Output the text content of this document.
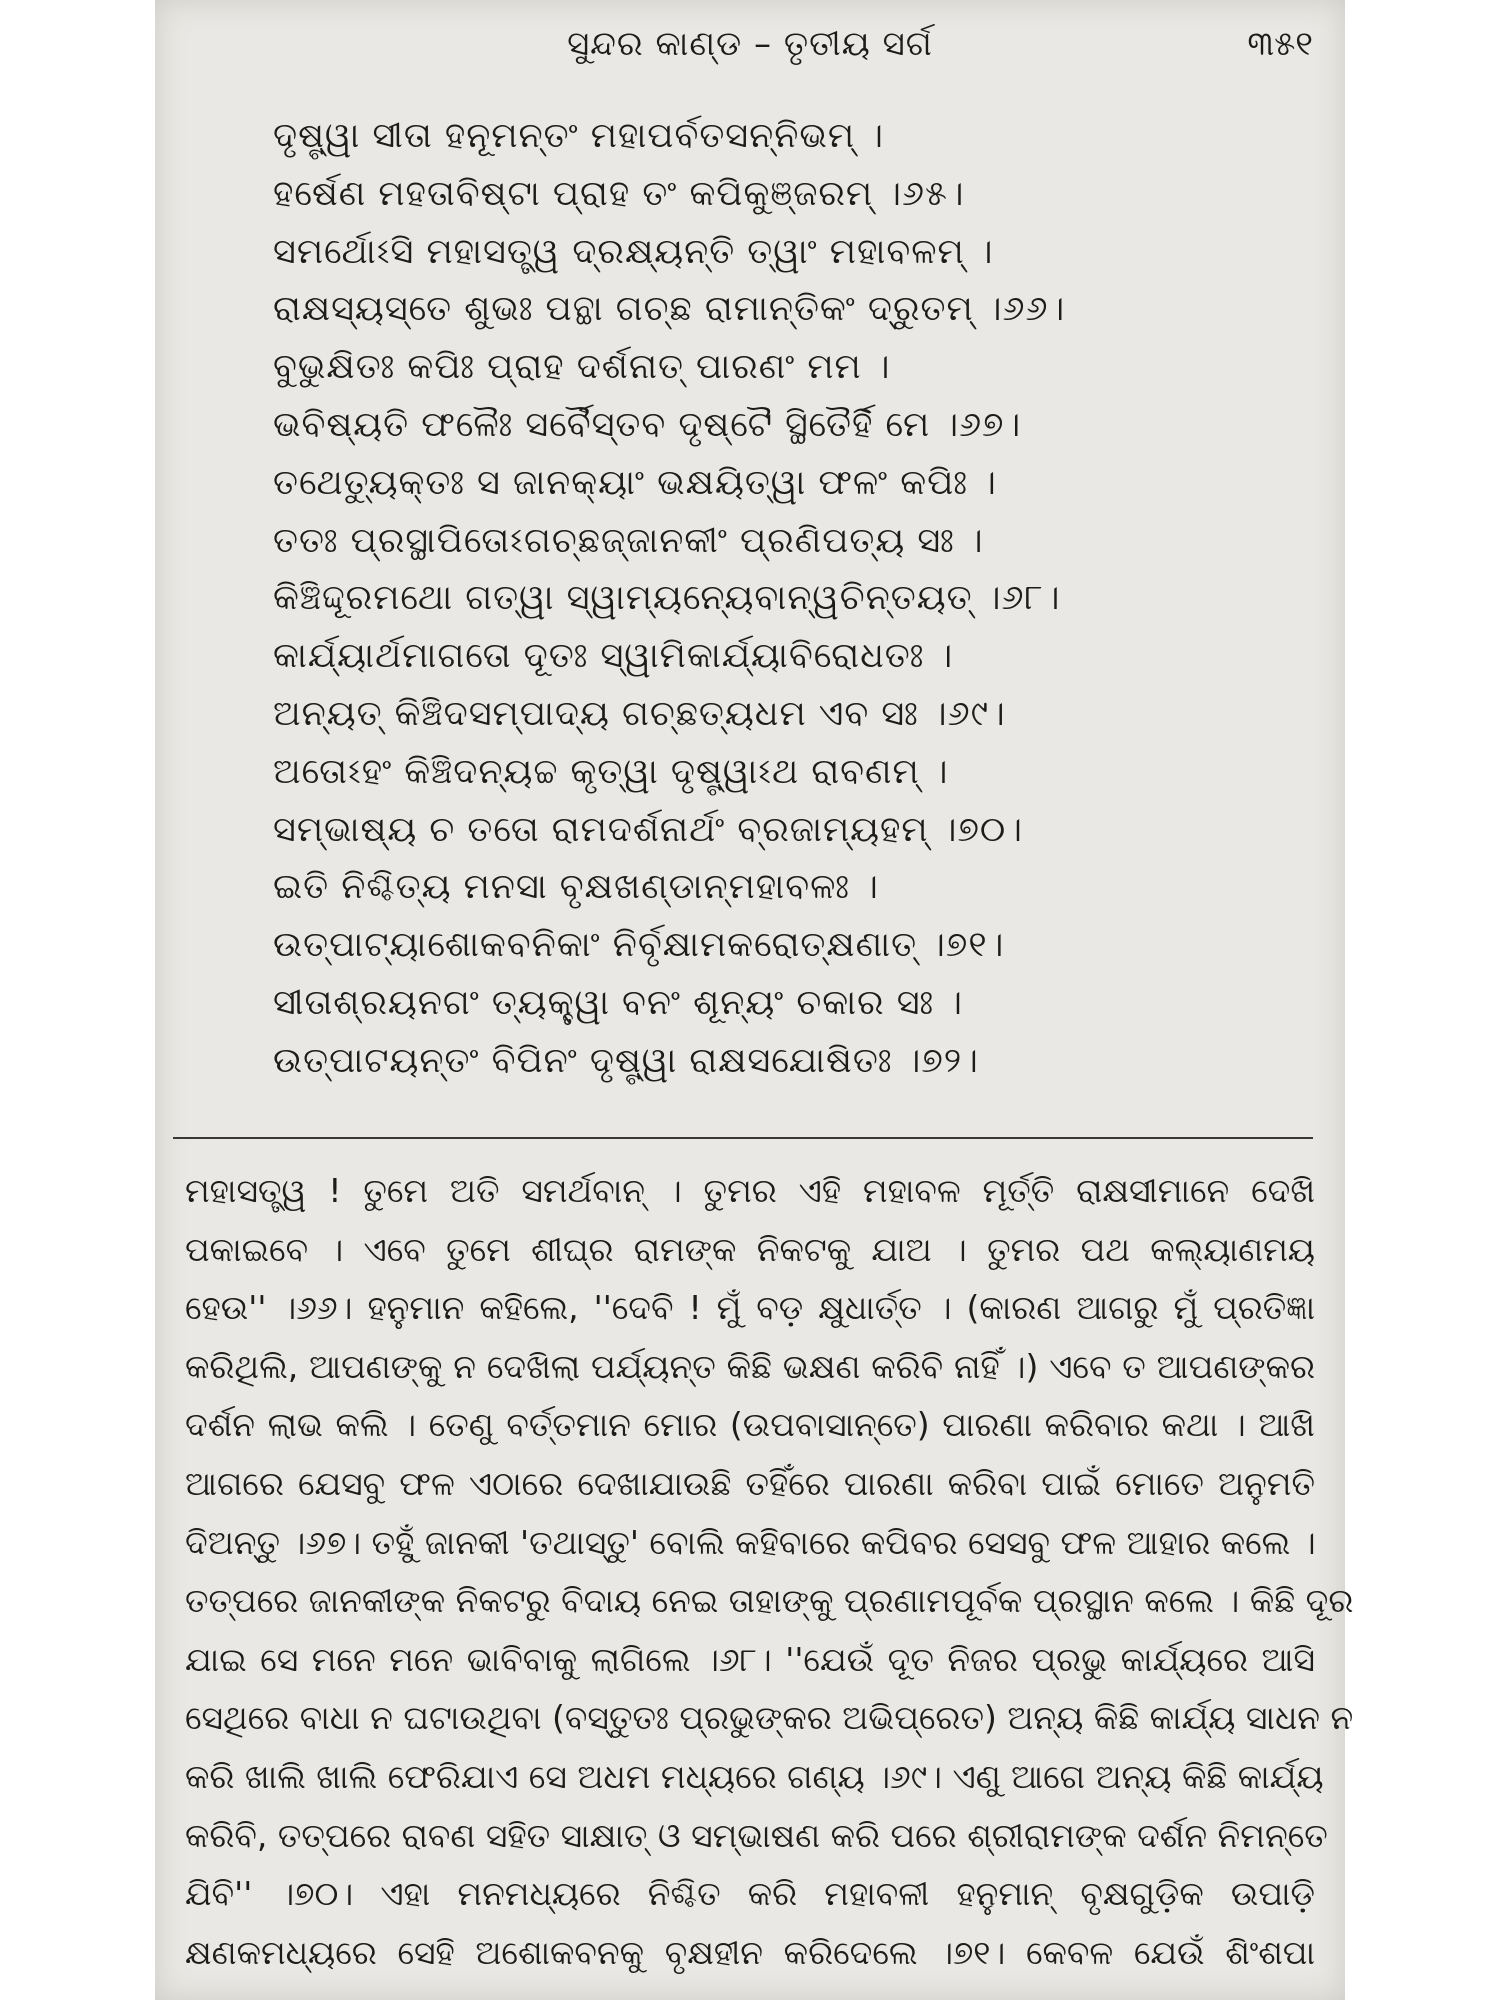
ସୁନ୍ଦର କାଣ୍ଡ – ତୃତୀୟ ସର୍ଗ	୩୫୧
ଦୃଷ୍ଟ୍ୱା ସୀତା ହନୂମନ୍ତଂ ମହାପର୍ବତସନ୍ନିଭମ୍ ।
ହର୍ଷେଣ ମହତାବିଷ୍ଟା ପ୍ରାହ ତଂ କପିକୁଞ୍ଜରମ୍ ।୬୫।
ସମର୍ଥୋଽସି ମହାସତ୍ତ୍ୱ ଦ୍ରକ୍ଷ୍ୟନ୍ତି ତ୍ୱାଂ ମହାବଳମ୍ ।
ରାକ୍ଷସ୍ୟସ୍ତେ ଶୁଭଃ ପନ୍ଥା ଗଚ୍ଛ ରାମାନ୍ତିକଂ ଦ୍ରୁତମ୍ ।୬୬।
ବୁଭୁକ୍ଷିତଃ କପିଃ ପ୍ରାହ ଦର୍ଶନାତ୍ ପାରଣଂ ମମ ।
ଭବିଷ୍ୟତି ଫଳୈଃ ସର୍ବୈସ୍ତବ ଦୃଷ୍ଟୈ ସ୍ଥିତୈର୍ହି ମେ ।୬୭।
ତଥେତ୍ୟୁକ୍ତଃ ସ ଜାନକ୍ୟାଂ ଭକ୍ଷୟିତ୍ୱା ଫଳଂ କପିଃ ।
ତତଃ ପ୍ରସ୍ଥାପିତୋଽଗଚ୍ଛଜ୍ଜାନକୀଂ ପ୍ରଣିପତ୍ୟ ସଃ ।
କିଞ୍ଚିଦ୍ଦୂରମଥୋ ଗତ୍ୱା ସ୍ୱାମ୍ୟନ୍ୟେବାନ୍ୱଚିନ୍ତୟତ୍ ।୬୮।
କାର୍ଯ୍ୟାର୍ଥମାଗତୋ ଦୂତଃ ସ୍ୱାମିକାର୍ଯ୍ୟାବିରୋଧତଃ ।
ଅନ୍ୟତ୍ କିଞ୍ଚିଦସମ୍ପାଦ୍ୟ ଗଚ୍ଛତ୍ୟଧମ ଏବ ସଃ ।୬୯।
ଅତୋଽହଂ କିଞ୍ଚିଦନ୍ୟଚ୍ଚ କୃତ୍ୱା ଦୃଷ୍ଟ୍ୱାଽଥ ରାବଣମ୍ ।
ସମ୍ଭାଷ୍ୟ ଚ ତତୋ ରାମଦର୍ଶନାର୍ଥଂ ବ୍ରଜାମ୍ୟହମ୍ ।୭୦।
ଇତି ନିଶ୍ଚିତ୍ୟ ମନସା ବୃକ୍ଷଖଣ୍ଡାନ୍ମହାବଳଃ ।
ଉତ୍ପାଟ୍ୟାଶୋକବନିକାଂ ନିର୍ବୃକ୍ଷାମକରୋତ୍କ୍ଷଣାତ୍ ।୭୧।
ସୀତାଶ୍ରୟନଗଂ ତ୍ୟକ୍ତ୍ୱା ବନଂ ଶୂନ୍ୟଂ ଚକାର ସଃ ।
ଉତ୍ପାଟୟନ୍ତଂ ବିପିନଂ ଦୃଷ୍ଟ୍ୱା ରାକ୍ଷସଯୋଷିତଃ ।୭୨।
ମହାସତ୍ତ୍ୱ ! ତୁମେ ଅତି ସମର୍ଥବାନ୍ । ତୁମର ଏହି ମହାବଳ ମୂର୍ତ୍ତି ରାକ୍ଷସୀମାନେ ଦେଖି
ପକାଇବେ । ଏବେ ତୁମେ ଶୀଘ୍ର ରାମଙ୍କ ନିକଟକୁ ଯାଅ । ତୁମର ପଥ କଲ୍ୟାଣମୟ
ହେଉ'' ।୬୬। ହନୁମାନ କହିଲେ, ''ଦେବି ! ମୁଁ ବଡ଼ କ୍ଷୁଧାର୍ତ୍ତ । (କାରଣ ଆଗରୁ ମୁଁ ପ୍ରତିଜ୍ଞା
କରିଥିଲି, ଆପଣଙ୍କୁ ନ ଦେଖିଲା ପର୍ଯ୍ୟନ୍ତ କିଛି ଭକ୍ଷଣ କରିବି ନାହିଁ ।) ଏବେ ତ ଆପଣଙ୍କର
ଦର୍ଶନ ଲାଭ କଲି । ତେଣୁ ବର୍ତ୍ତମାନ ମୋର (ଉପବାସାନ୍ତେ) ପାରଣା କରିବାର କଥା । ଆଖି
ଆଗରେ ଯେସବୁ ଫଳ ଏଠାରେ ଦେଖାଯାଉଛି ତହିଁରେ ପାରଣା କରିବା ପାଇଁ ମୋତେ ଅନୁମତି
ଦିଅନ୍ତୁ ।୬୭। ତହୁଁ ଜାନକୀ 'ତଥାସ୍ତୁ' ବୋଲି କହିବାରେ କପିବର ସେସବୁ ଫଳ ଆହାର କଲେ ।
ତତ୍ପରେ ଜାନକୀଙ୍କ ନିକଟରୁ ବିଦାୟ ନେଇ ତାହାଙ୍କୁ ପ୍ରଣାମପୂର୍ବକ ପ୍ରସ୍ଥାନ କଲେ । କିଛି ଦୂର
ଯାଇ ସେ ମନେ ମନେ ଭାବିବାକୁ ଲାଗିଲେ ।୬୮। ''ଯେଉଁ ଦୂତ ନିଜର ପ୍ରଭୁ କାର୍ଯ୍ୟରେ ଆସି
ସେଥିରେ ବାଧା ନ ଘଟାଉଥିବା (ବସ୍ତୁତଃ ପ୍ରଭୁଙ୍କର ଅଭିପ୍ରେତ) ଅନ୍ୟ କିଛି କାର୍ଯ୍ୟ ସାଧନ ନ
କରି ଖାଲି ଖାଲି ଫେରିଯାଏ ସେ ଅଧମ ମଧ୍ୟରେ ଗଣ୍ୟ ।୬୯। ଏଣୁ ଆଗେ ଅନ୍ୟ କିଛି କାର୍ଯ୍ୟ
କରିବି, ତତ୍ପରେ ରାବଣ ସହିତ ସାକ୍ଷାତ୍ ଓ ସମ୍ଭାଷଣ କରି ପରେ ଶ୍ରୀରାମଙ୍କ ଦର୍ଶନ ନିମନ୍ତେ
ଯିବି'' ।୭୦। ଏହା ମନମଧ୍ୟରେ ନିଶ୍ଚିତ କରି ମହାବଳୀ ହନୁମାନ୍ ବୃକ୍ଷଗୁଡ଼ିକ ଉପାଡ଼ି
କ୍ଷଣକମଧ୍ୟରେ ସେହି ଅଶୋକବନକୁ ବୃକ୍ଷହୀନ କରିଦେଲେ ।୭୧। କେବଳ ଯେଉଁ ଶିଂଶପା
